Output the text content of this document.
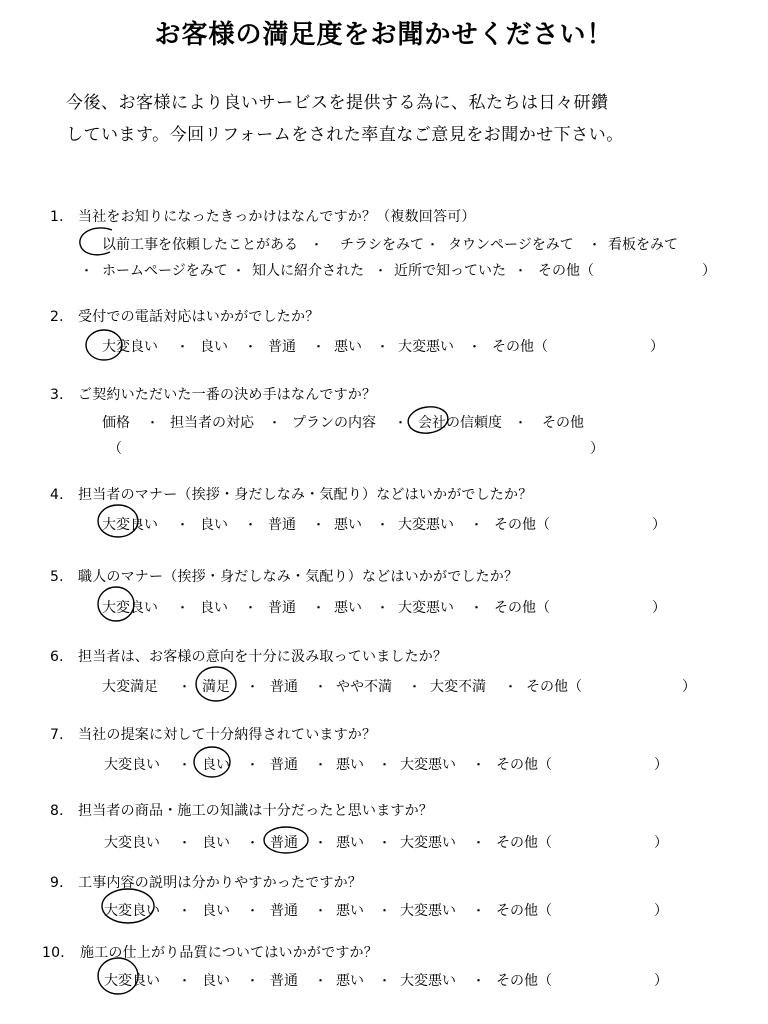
お客様の満足度をお聞かせください！
今後、お客様により良いサービスを提供する為に、私たちは日々研鑽
しています。今回リフォームをされた率直なご意見をお聞かせ下さい。
1． 当社をお知りになったきっかけはなんですか？（複数回答可）
以前工事を依頼したことがある ・ チラシをみて ・ タウンページをみて ・ 看板をみて
・ ホームページをみて ・ 知人に紹介された ・ 近所で知っていた ・ その他（	）
2． 受付での電話対応はいかがでしたか？
大変良い ・ 良い ・ 普通 ・ 悪い ・ 大変悪い ・ その他（	）
3． ご契約いただいた一番の決め手はなんですか？
価格 ・ 担当者の対応 ・ プランの内容 ・ 会社の信頼度 ・ その他
（	）
4． 担当者のマナー（挨拶・身だしなみ・気配り）などはいかがでしたか？
大変良い ・ 良い ・ 普通 ・ 悪い ・ 大変悪い ・ その他（	）
5． 職人のマナー（挨拶・身だしなみ・気配り）などはいかがでしたか？
大変良い ・ 良い ・ 普通 ・ 悪い ・ 大変悪い ・ その他（	）
6． 担当者は、お客様の意向を十分に汲み取っていましたか？
大変満足 ・ 満足 ・ 普通 ・ やや不満 ・ 大変不満 ・ その他（	）
7． 当社の提案に対して十分納得されていますか？
大変良い ・ 良い ・ 普通 ・ 悪い ・ 大変悪い ・ その他（	）
8． 担当者の商品・施工の知識は十分だったと思いますか？
大変良い ・ 良い ・ 普通 ・ 悪い ・ 大変悪い ・ その他（	）
9． 工事内容の説明は分かりやすかったですか？
大変良い ・ 良い ・ 普通 ・ 悪い ・ 大変悪い ・ その他（	）
10． 施工の仕上がり品質についてはいかがですか？
大変良い ・ 良い ・ 普通 ・ 悪い ・ 大変悪い ・ その他（	）
